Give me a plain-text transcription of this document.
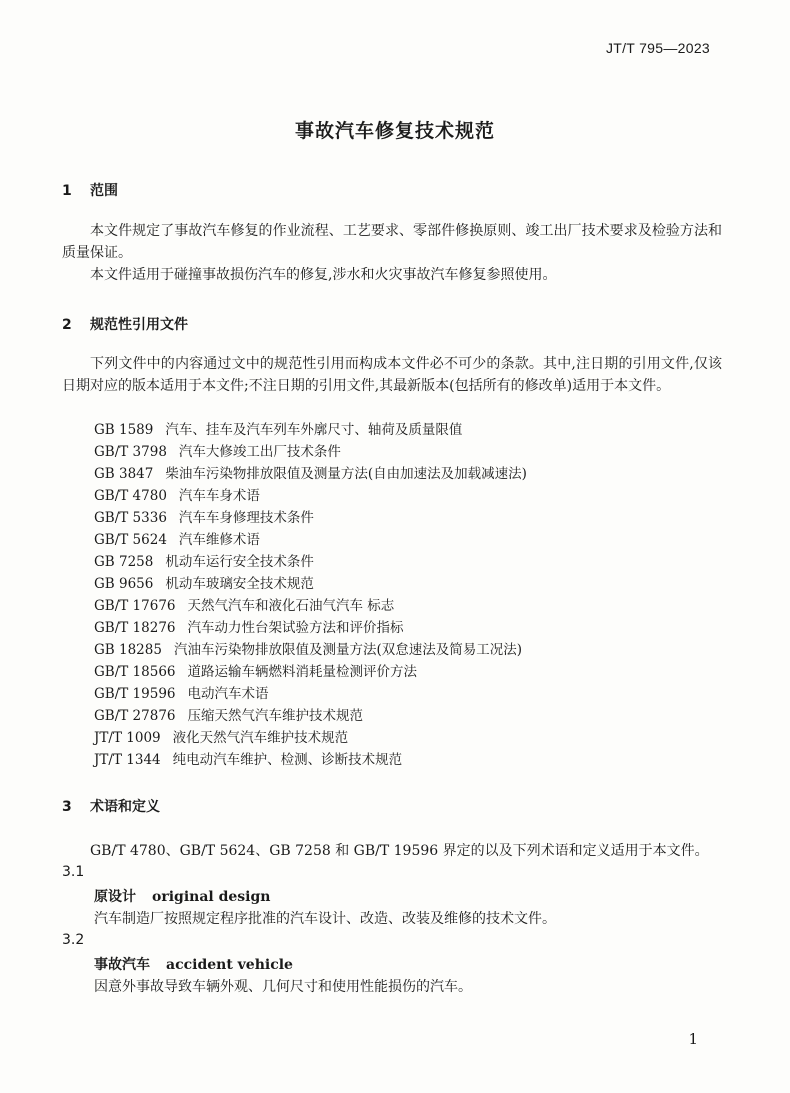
JT/T 795—2023
事故汽车修复技术规范
1 范围
本文件规定了事故汽车修复的作业流程、工艺要求、零部件修换原则、竣工出厂技术要求及检验方法和质量保证。
本文件适用于碰撞事故损伤汽车的修复,涉水和火灾事故汽车修复参照使用。
2 规范性引用文件
下列文件中的内容通过文中的规范性引用而构成本文件必不可少的条款。其中,注日期的引用文件,仅该日期对应的版本适用于本文件;不注日期的引用文件,其最新版本(包括所有的修改单)适用于本文件。
GB 1589 汽车、挂车及汽车列车外廓尺寸、轴荷及质量限值
GB/T 3798 汽车大修竣工出厂技术条件
GB 3847 柴油车污染物排放限值及测量方法(自由加速法及加载减速法)
GB/T 4780 汽车车身术语
GB/T 5336 汽车车身修理技术条件
GB/T 5624 汽车维修术语
GB 7258 机动车运行安全技术条件
GB 9656 机动车玻璃安全技术规范
GB/T 17676 天然气汽车和液化石油气汽车 标志
GB/T 18276 汽车动力性台架试验方法和评价指标
GB 18285 汽油车污染物排放限值及测量方法(双怠速法及简易工况法)
GB/T 18566 道路运输车辆燃料消耗量检测评价方法
GB/T 19596 电动汽车术语
GB/T 27876 压缩天然气汽车维护技术规范
JT/T 1009 液化天然气汽车维护技术规范
JT/T 1344 纯电动汽车维护、检测、诊断技术规范
3 术语和定义
GB/T 4780、GB/T 5624、GB 7258 和 GB/T 19596 界定的以及下列术语和定义适用于本文件。
3.1
原设计 original design
汽车制造厂按照规定程序批准的汽车设计、改造、改装及维修的技术文件。
3.2
事故汽车 accident vehicle
因意外事故导致车辆外观、几何尺寸和使用性能损伤的汽车。
1
